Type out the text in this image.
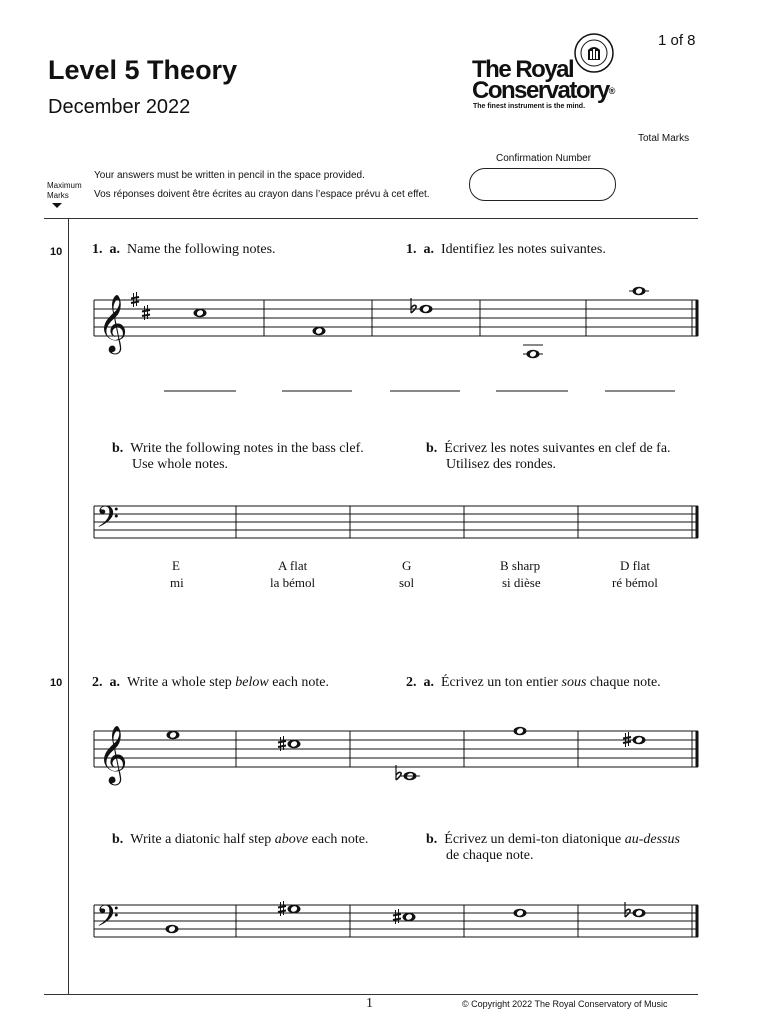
1 of 8
Level 5 Theory
December 2022
The Royal
Conservatory®
The finest instrument is the mind.
Total Marks
Confirmation Number
Your answers must be written in pencil in the space provided.
Vos réponses doivent être écrites au crayon dans l’espace prévu à cet effet.
Maximum
Marks
10
10
1. a. Name the following notes.	1. a. Identifiez les notes suivantes.
b. Write the following notes in the bass clef.
Use whole notes.
b. Écrivez les notes suivantes en clef de fa.
Utilisez des rondes.
E	A flat	G	B sharp	D flat
mi	la bémol	sol	si dièse	ré bémol
2. a. Write a whole step below each note.	2. a. Écrivez un ton entier sous chaque note.
b. Write a diatonic half step above each note.	b. Écrivez un demi-ton diatonique au-dessus
de chaque note.
𝄞
𝄢
𝄞
𝄢
1	© Copyright 2022 The Royal Conservatory of Music
